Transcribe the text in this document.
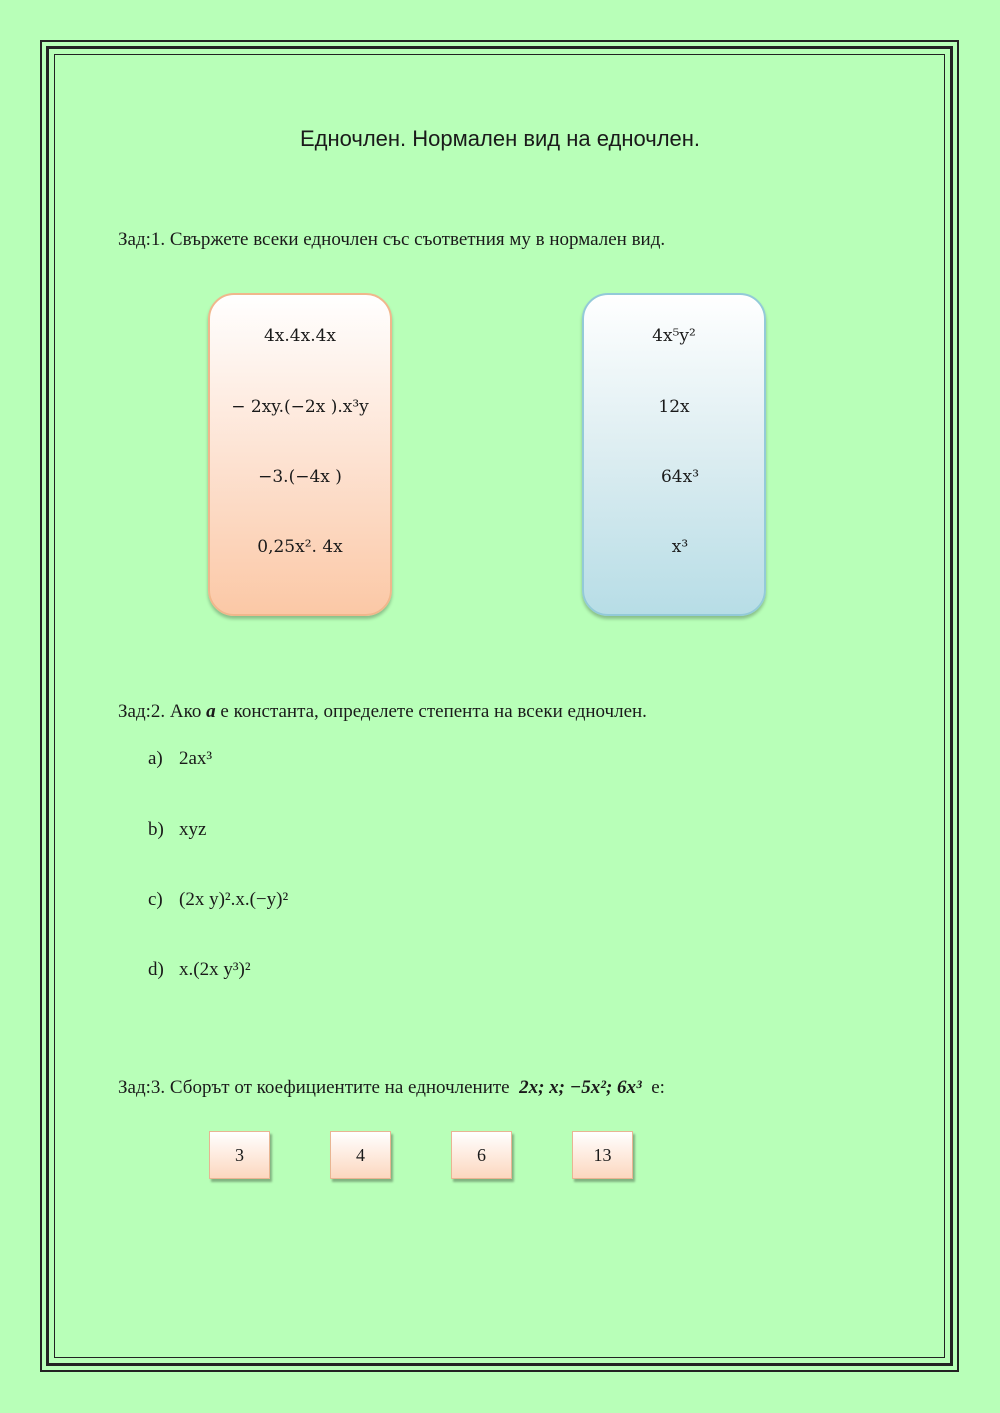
Едночлен. Нормален вид на едночлен.
Зад:1. Свържете всеки едночлен със съответния му в нормален вид.
4x.4x.4x
− 2xy.(−2x ).x³y
−3.(−4x )
0,25x². 4x
4x⁵y²
12x
64x³
x³
Зад:2. Ако a е константа, определете степента на всеки едночлен.
a) 2ax³
b) xyz
c) (2x y)².x.(−y)²
d) x.(2x y³)²
Зад:3. Сборът от коефициентите на едночлените 2x; x; −5x²; 6x³ е:
3	4	6	13
